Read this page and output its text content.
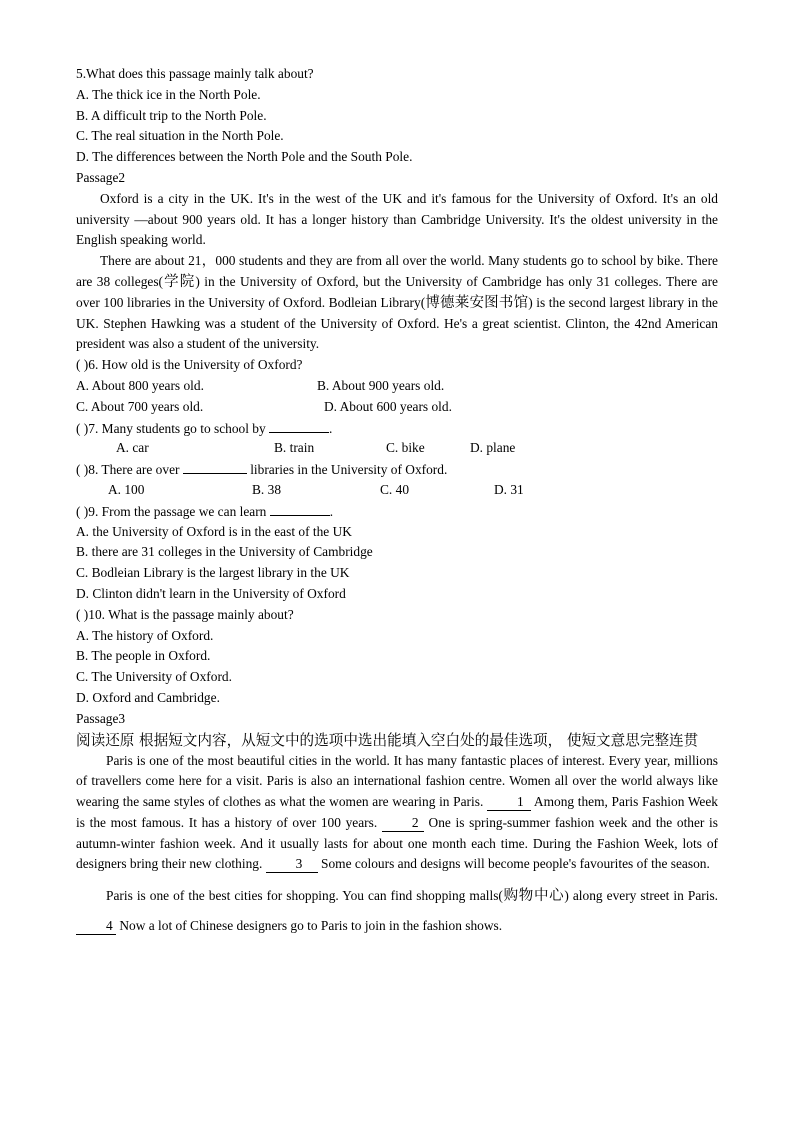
5.What does this passage mainly talk about?
A. The thick ice in the North Pole.
B. A difficult trip to the North Pole.
C. The real situation in the North Pole.
D. The differences between the North Pole and the South Pole.
Passage2
Oxford is a city in the UK. It's in the west of the UK and it's famous for the University of Oxford. It's an old university —about 900 years old. It has a longer history than Cambridge University. It's the oldest university in the English speaking world.
There are about 21，000 students and they are from all over the world. Many students go to school by bike. There are 38 colleges(学院) in the University of Oxford, but the University of Cambridge has only 31 colleges. There are over 100 libraries in the University of Oxford. Bodleian Library(博德莱安图书馆) is the second largest library in the UK. Stephen Hawking was a student of the University of Oxford. He's a great scientist. Clinton, the 42nd American president was also a student of the university.
( )6. How old is the University of Oxford?
A. About 800 years old.	B. About 900 years old.
C. About 700 years old.	D. About 600 years old.
( )7. Many students go to school by	.
A. car	B. train	C. bike	D. plane
( )8. There are over	libraries in the University of Oxford.
A. 100	B. 38	C. 40	D. 31
( )9. From the passage we can learn	.
A. the University of Oxford is in the east of the UK
B. there are 31 colleges in the University of Cambridge
C. Bodleian Library is the largest library in the UK
D. Clinton didn't learn in the University of Oxford
( )10. What is the passage mainly about?
A. The history of Oxford.
B. The people in Oxford.
C. The University of Oxford.
D. Oxford and Cambridge.
Passage3
阅读还原 根据短文内容，从短文中的选项中选出能填入空白处的最佳选项， 使短文意思完整连贯
Paris is one of the most beautiful cities in the world. It has many fantastic places of interest. Every year, millions of travellers come here for a visit. Paris is also an international fashion centre. Women all over the world always like wearing the same styles of clothes as what the women are wearing in Paris.	1 Among them, Paris Fashion Week is the most famous. It has a history of over 100 years.	2 One is spring-summer fashion week and the other is autumn-winter fashion week. And it usually lasts for about one month each time. During the Fashion Week, lots of designers bring their new clothing. 3 Some colours and designs will become people's favourites of the season.
Paris is one of the best cities for shopping. You can find shopping malls(购物中心) along every street in Paris. 4 Now a lot of Chinese designers go to Paris to join in the fashion shows.
